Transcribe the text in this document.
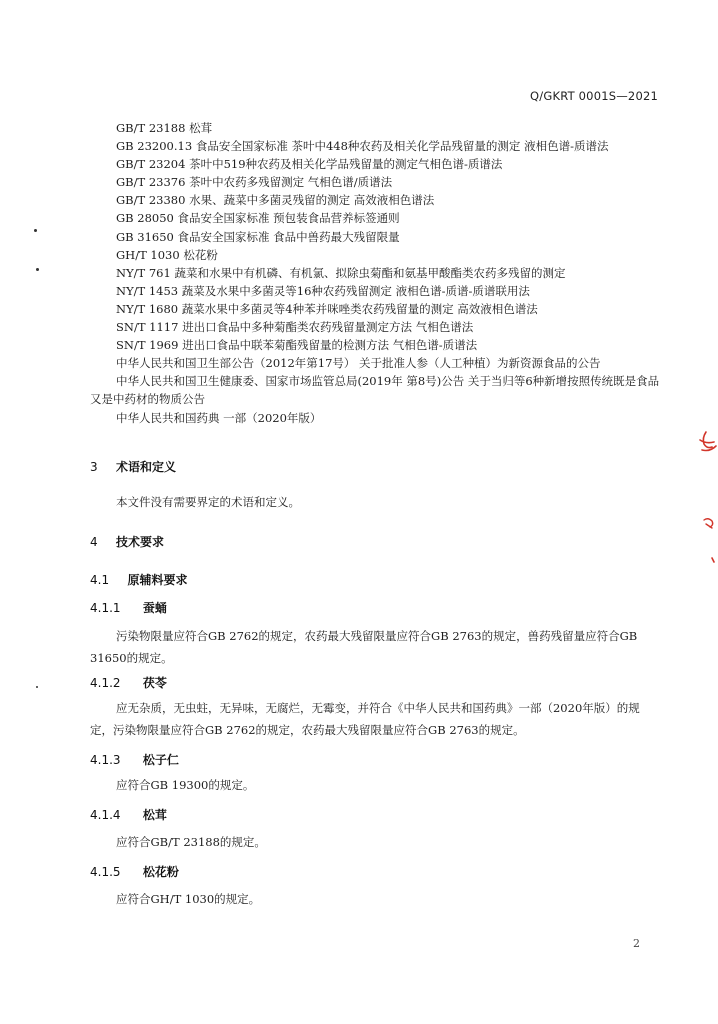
Q/GKRT 0001S—2021
GB/T 23188 松茸
GB 23200.13 食品安全国家标准 茶叶中448种农药及相关化学品残留量的测定 液相色谱-质谱法
GB/T 23204 茶叶中519种农药及相关化学品残留量的测定气相色谱-质谱法
GB/T 23376 茶叶中农药多残留测定 气相色谱/质谱法
GB/T 23380 水果、蔬菜中多菌灵残留的测定 高效液相色谱法
GB 28050 食品安全国家标准 预包装食品营养标签通则
GB 31650 食品安全国家标准 食品中兽药最大残留限量
GH/T 1030 松花粉
NY/T 761 蔬菜和水果中有机磷、有机氯、拟除虫菊酯和氨基甲酸酯类农药多残留的测定
NY/T 1453 蔬菜及水果中多菌灵等16种农药残留测定 液相色谱-质谱-质谱联用法
NY/T 1680 蔬菜水果中多菌灵等4种苯并咪唑类农药残留量的测定 高效液相色谱法
SN/T 1117 进出口食品中多种菊酯类农药残留量测定方法 气相色谱法
SN/T 1969 进出口食品中联苯菊酯残留量的检测方法 气相色谱-质谱法
中华人民共和国卫生部公告（2012年第17号） 关于批准人参（人工种植）为新资源食品的公告
中华人民共和国卫生健康委、国家市场监管总局(2019年 第8号)公告 关于当归等6种新增按照传统既是食品又是中药材的物质公告
中华人民共和国药典 一部（2020年版）
3 术语和定义
本文件没有需要界定的术语和定义。
4 技术要求
4.1 原辅料要求
4.1.1 蚕蛹
污染物限量应符合GB 2762的规定，农药最大残留限量应符合GB 2763的规定，兽药残留量应符合GB 31650的规定。
4.1.2 茯苓
应无杂质，无虫蛀，无异味，无腐烂，无霉变，并符合《中华人民共和国药典》一部（2020年版）的规定，污染物限量应符合GB 2762的规定，农药最大残留限量应符合GB 2763的规定。
4.1.3 松子仁
应符合GB 19300的规定。
4.1.4 松茸
应符合GB/T 23188的规定。
4.1.5 松花粉
应符合GH/T 1030的规定。
2
